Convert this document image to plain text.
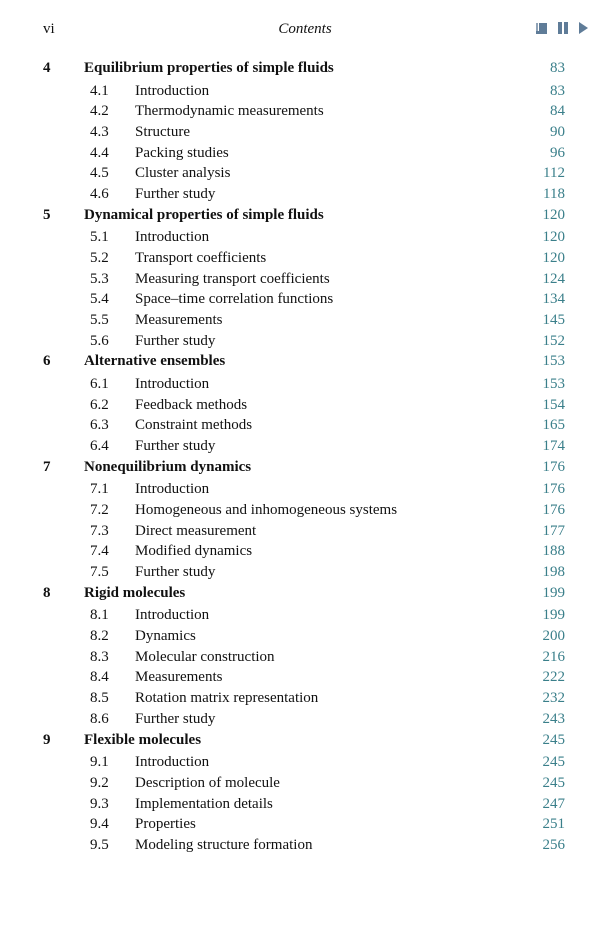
vi	Contents
4 Equilibrium properties of simple fluids	83
4.1 Introduction	83
4.2 Thermodynamic measurements	84
4.3 Structure	90
4.4 Packing studies	96
4.5 Cluster analysis	112
4.6 Further study	118
5 Dynamical properties of simple fluids	120
5.1 Introduction	120
5.2 Transport coefficients	120
5.3 Measuring transport coefficients	124
5.4 Space–time correlation functions	134
5.5 Measurements	145
5.6 Further study	152
6 Alternative ensembles	153
6.1 Introduction	153
6.2 Feedback methods	154
6.3 Constraint methods	165
6.4 Further study	174
7 Nonequilibrium dynamics	176
7.1 Introduction	176
7.2 Homogeneous and inhomogeneous systems	176
7.3 Direct measurement	177
7.4 Modified dynamics	188
7.5 Further study	198
8 Rigid molecules	199
8.1 Introduction	199
8.2 Dynamics	200
8.3 Molecular construction	216
8.4 Measurements	222
8.5 Rotation matrix representation	232
8.6 Further study	243
9 Flexible molecules	245
9.1 Introduction	245
9.2 Description of molecule	245
9.3 Implementation details	247
9.4 Properties	251
9.5 Modeling structure formation	256
